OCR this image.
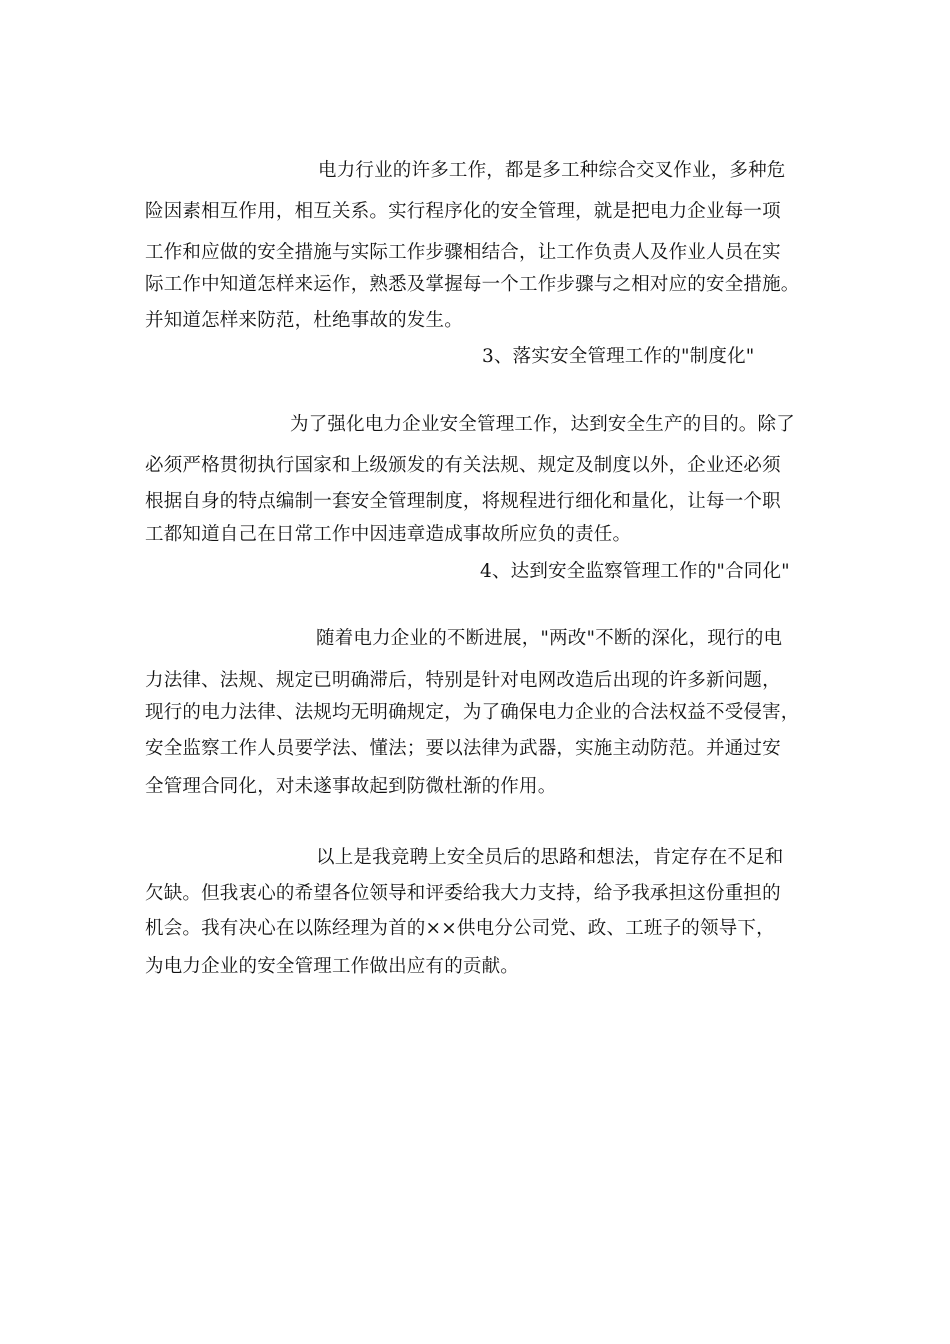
电力行业的许多工作，都是多工种综合交叉作业，多种危
险因素相互作用，相互关系。实行程序化的安全管理，就是把电力企业每一项
工作和应做的安全措施与实际工作步骤相结合，让工作负责人及作业人员在实
际工作中知道怎样来运作，熟悉及掌握每一个工作步骤与之相对应的安全措施。
并知道怎样来防范，杜绝事故的发生。
3、落实安全管理工作的"制度化"
为了强化电力企业安全管理工作，达到安全生产的目的。除了
必须严格贯彻执行国家和上级颁发的有关法规、规定及制度以外，企业还必须
根据自身的特点编制一套安全管理制度，将规程进行细化和量化，让每一个职
工都知道自己在日常工作中因违章造成事故所应负的责任。
4、达到安全监察管理工作的"合同化"
随着电力企业的不断进展，"两改"不断的深化，现行的电
力法律、法规、规定已明确滞后，特别是针对电网改造后出现的许多新问题，
现行的电力法律、法规均无明确规定，为了确保电力企业的合法权益不受侵害，
安全监察工作人员要学法、懂法；要以法律为武器，实施主动防范。并通过安
全管理合同化，对未遂事故起到防微杜渐的作用。
以上是我竞聘上安全员后的思路和想法，肯定存在不足和
欠缺。但我衷心的希望各位领导和评委给我大力支持，给予我承担这份重担的
机会。我有决心在以陈经理为首的××供电分公司党、政、工班子的领导下，
为电力企业的安全管理工作做出应有的贡献。
